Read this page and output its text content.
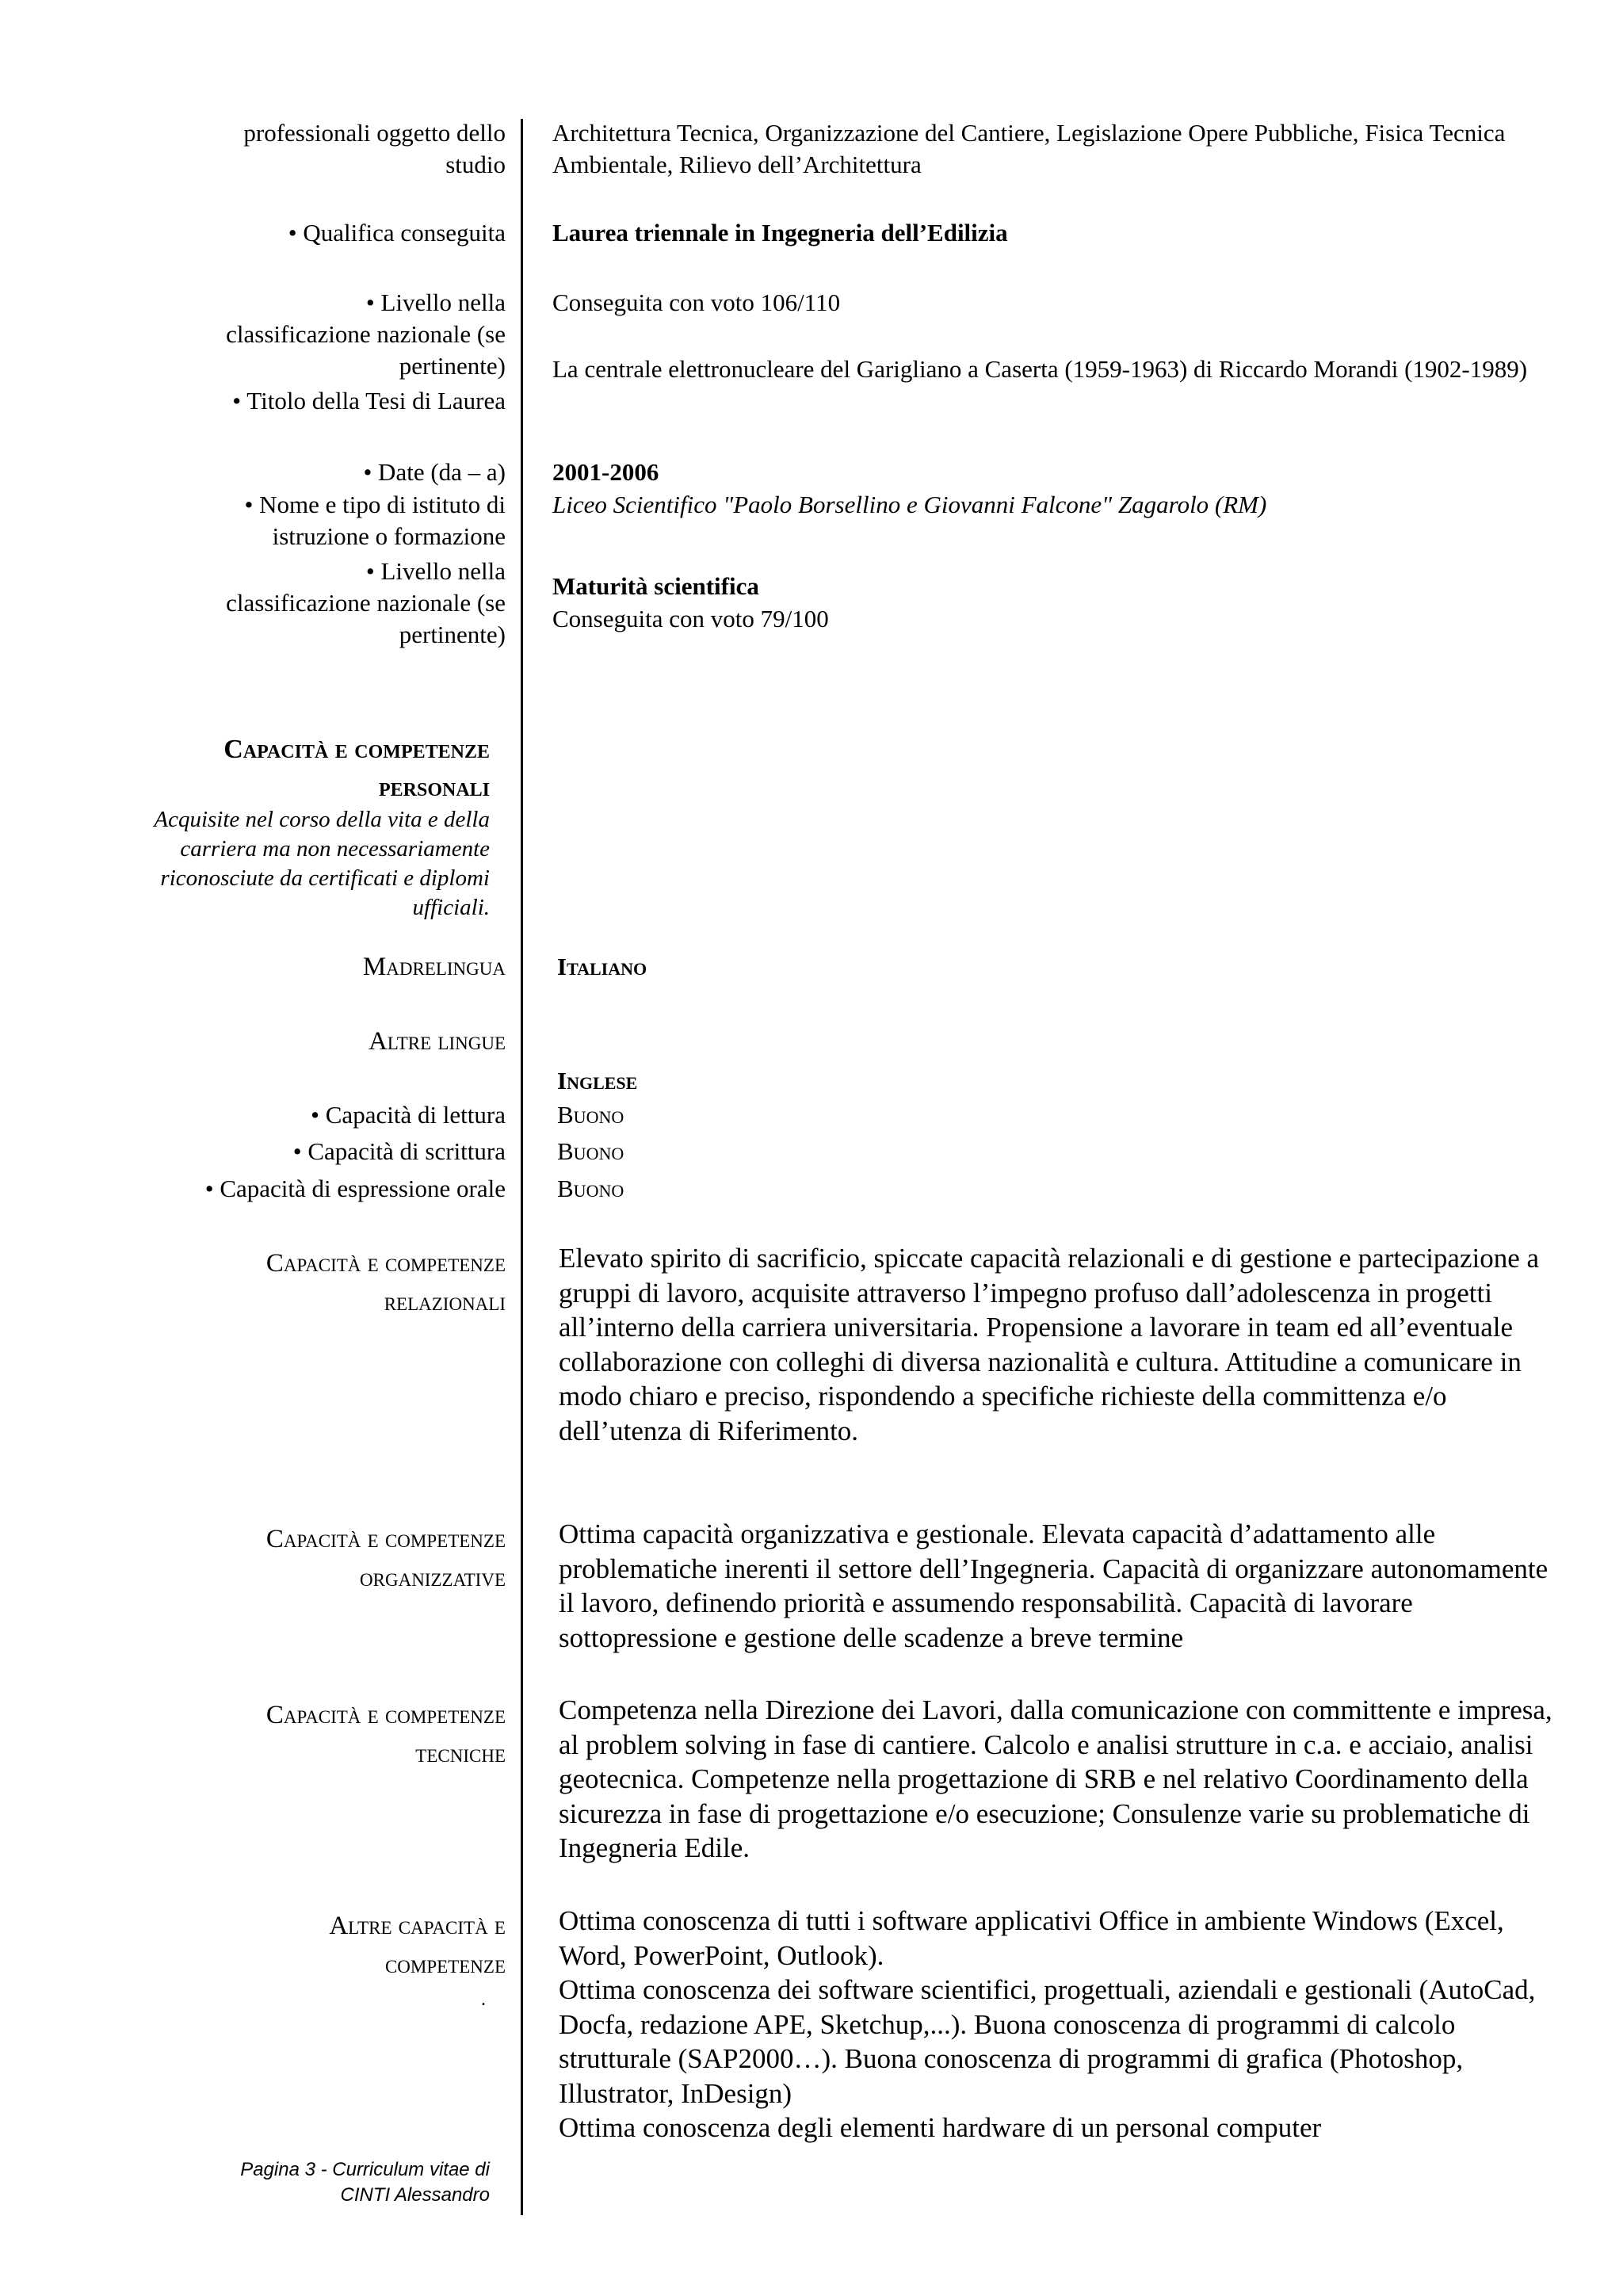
professionali oggetto dello
studio
Architettura Tecnica, Organizzazione del Cantiere, Legislazione Opere Pubbliche, Fisica Tecnica Ambientale, Rilievo dell’Architettura
• Qualifica conseguita Laurea triennale in Ingegneria dell’Edilizia
• Livello nella
classificazione nazionale (se
pertinente)
Conseguita con voto 106/110
• Titolo della Tesi di Laurea
La centrale elettronucleare del Garigliano a Caserta (1959-1963) di Riccardo Morandi (1902-1989)
• Date (da – a) 2001-2006
• Nome e tipo di istituto di
istruzione o formazione
Liceo Scientifico "Paolo Borsellino e Giovanni Falcone" Zagarolo (RM)
• Livello nella
classificazione nazionale (se
pertinente)
Maturità scientifica
Conseguita con voto 79/100
Capacità e competenze
personali
Acquisite nel corso della vita e della carriera ma non necessariamente riconosciute da certificati e diplomi ufficiali.
Madrelingua Italiano
Altre lingue
Inglese
• Capacità di lettura Buono
• Capacità di scrittura Buono
• Capacità di espressione orale Buono
Capacità e competenze
relazionali
Elevato spirito di sacrificio, spiccate capacità relazionali e di gestione e partecipazione a gruppi di lavoro, acquisite attraverso l’impegno profuso dall’adolescenza in progetti all’interno della carriera universitaria. Propensione a lavorare in team ed all’eventuale collaborazione con colleghi di diversa nazionalità e cultura. Attitudine a comunicare in modo chiaro e preciso, rispondendo a specifiche richieste della committenza e/o dell’utenza di Riferimento.
Capacità e competenze
organizzative
Ottima capacità organizzativa e gestionale. Elevata capacità d’adattamento alle problematiche inerenti il settore dell’Ingegneria. Capacità di organizzare autonomamente il lavoro, definendo priorità e assumendo responsabilità. Capacità di lavorare sottopressione e gestione delle scadenze a breve termine
Capacità e competenze
tecniche
Competenza nella Direzione dei Lavori, dalla comunicazione con committente e impresa, al problem solving in fase di cantiere. Calcolo e analisi strutture in c.a. e acciaio, analisi geotecnica. Competenze nella progettazione di SRB e nel relativo Coordinamento della sicurezza in fase di progettazione e/o esecuzione; Consulenze varie su problematiche di Ingegneria Edile.
Altre capacità e
competenze
Ottima conoscenza di tutti i software applicativi Office in ambiente Windows (Excel, Word, PowerPoint, Outlook).
Ottima conoscenza dei software scientifici, progettuali, aziendali e gestionali (AutoCad, Docfa, redazione APE, Sketchup,...). Buona conoscenza di programmi di calcolo strutturale (SAP2000…). Buona conoscenza di programmi di grafica (Photoshop, Illustrator, InDesign)
Ottima conoscenza degli elementi hardware di un personal computer
.
Pagina 3 - Curriculum vitae di
CINTI Alessandro
